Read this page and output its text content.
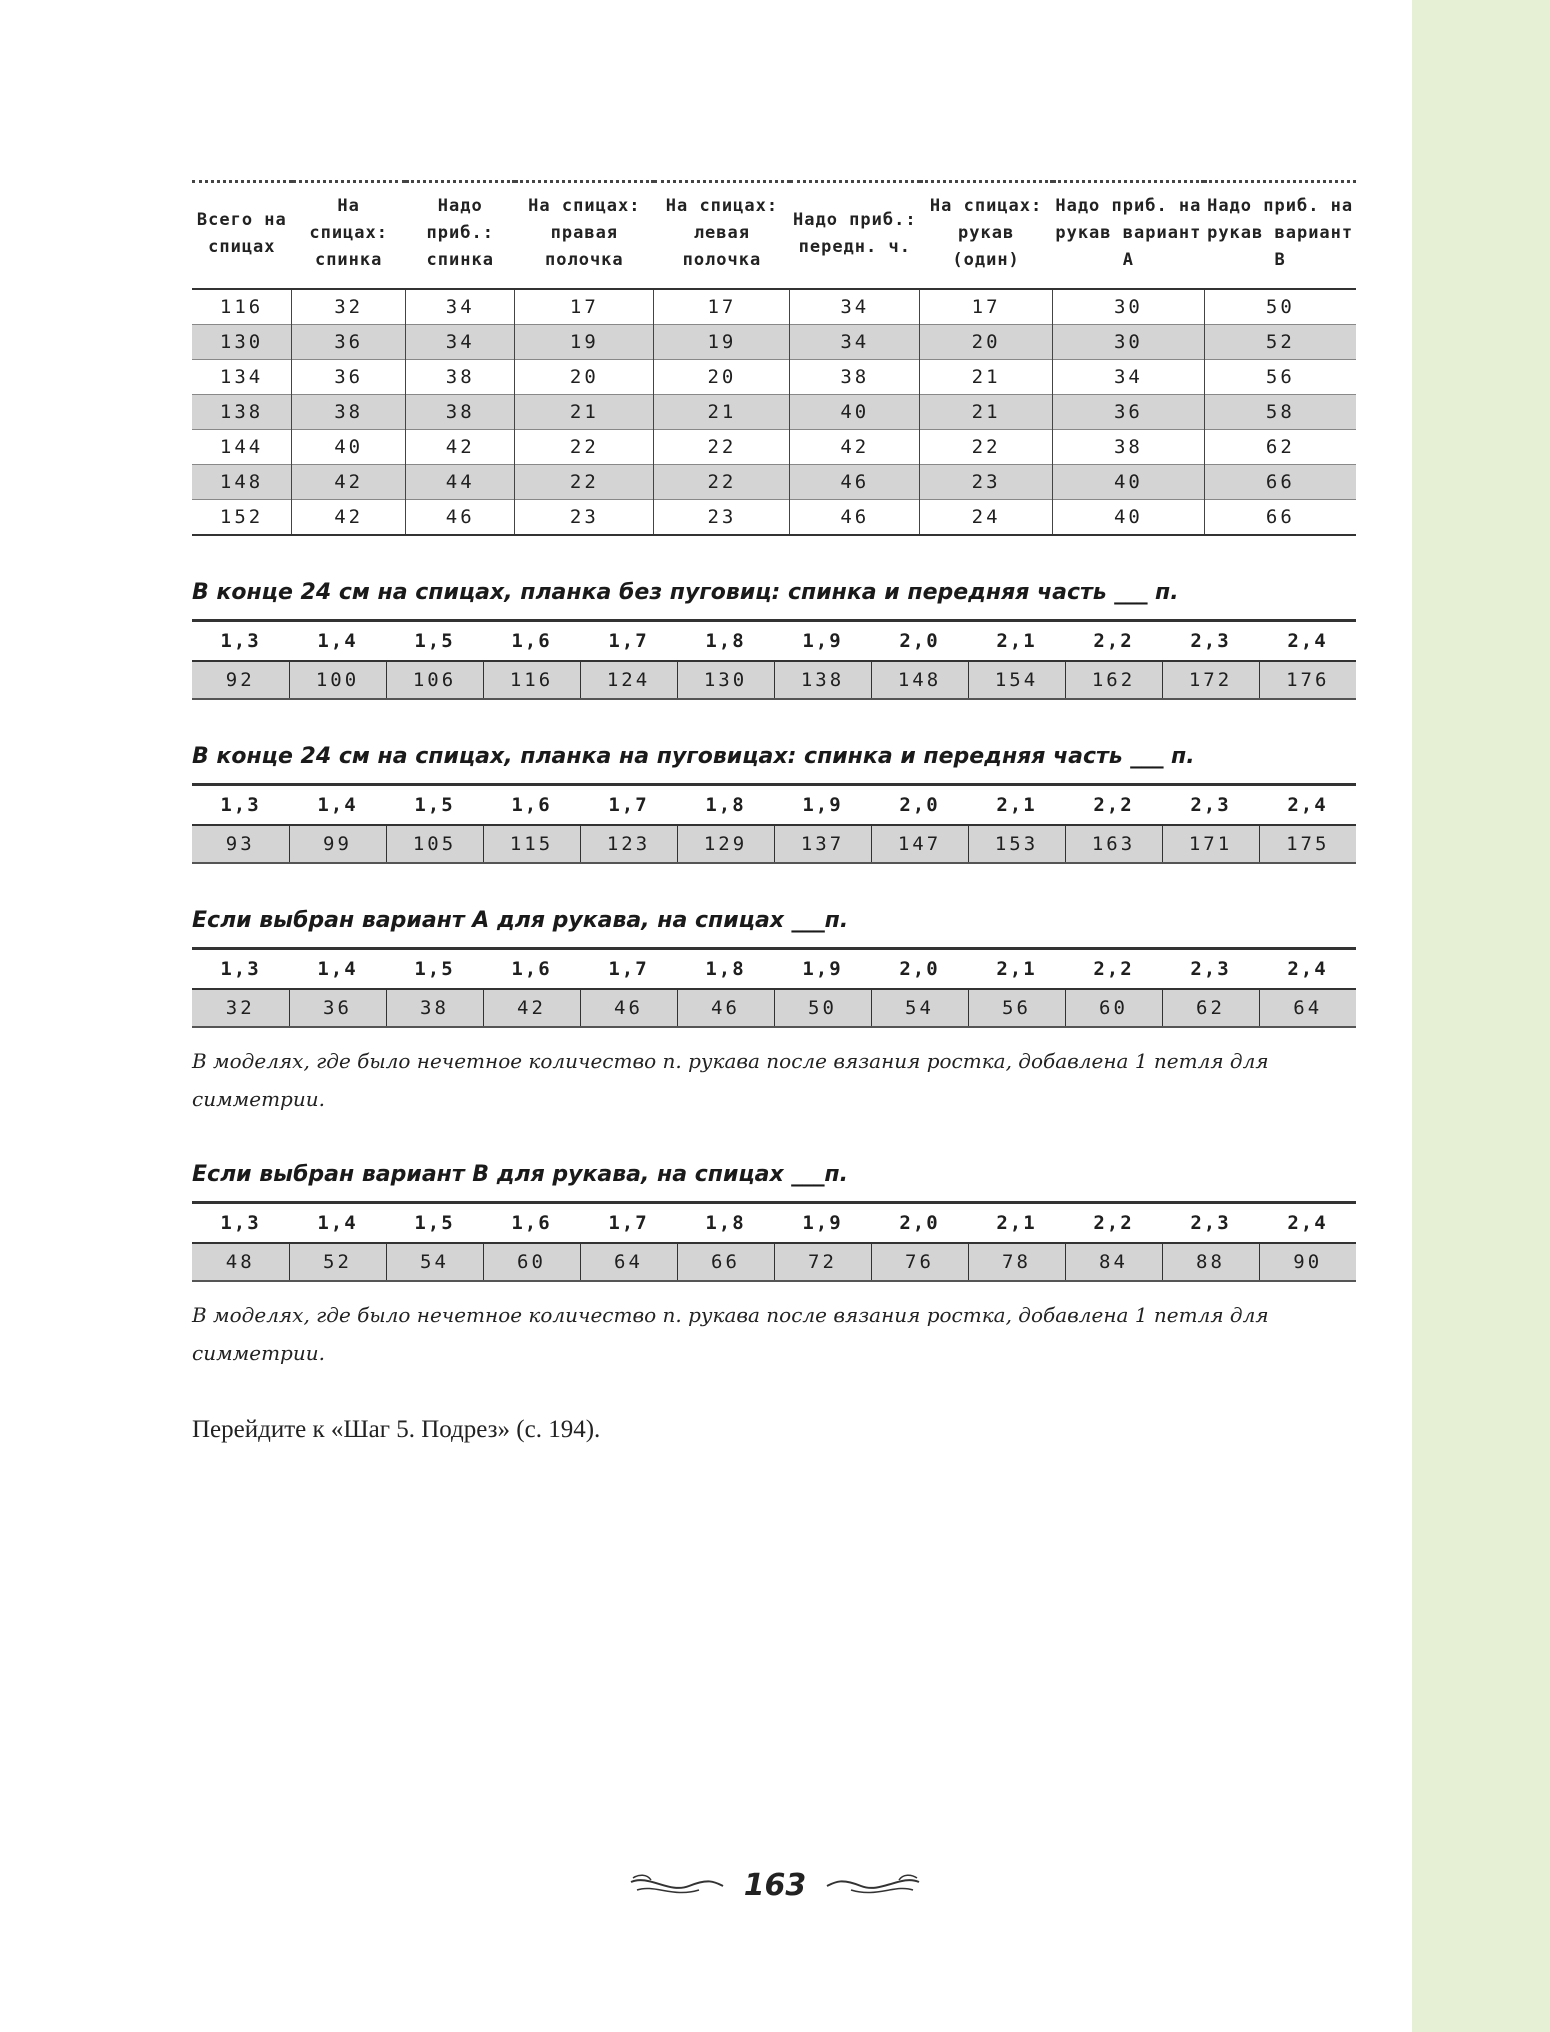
Всего на спицах	На спицах: спинка	Надо приб.: спинка	На спицах: правая полочка	На спицах: левая полочка	Надо приб.: передн. ч.	На спицах: рукав (один)	Надо приб. на рукав вариант А	Надо приб. на рукав вариант В
116	32	34	17	17	34	17	30	50
130	36	34	19	19	34	20	30	52
134	36	38	20	20	38	21	34	56
138	38	38	21	21	40	21	36	58
144	40	42	22	22	42	22	38	62
148	42	44	22	22	46	23	40	66
152	42	46	23	23	46	24	40	66
В конце 24 см на спицах, планка без пуговиц: спинка и передняя часть ___ п.
1,3	1,4	1,5	1,6	1,7	1,8	1,9	2,0	2,1	2,2	2,3	2,4
92	100	106	116	124	130	138	148	154	162	172	176
В конце 24 см на спицах, планка на пуговицах: спинка и передняя часть ___ п.
1,3	1,4	1,5	1,6	1,7	1,8	1,9	2,0	2,1	2,2	2,3	2,4
93	99	105	115	123	129	137	147	153	163	171	175
Если выбран вариант А для рукава, на спицах ___п.
1,3	1,4	1,5	1,6	1,7	1,8	1,9	2,0	2,1	2,2	2,3	2,4
32	36	38	42	46	46	50	54	56	60	62	64
В моделях, где было нечетное количество п. рукава после вязания ростка, добавлена 1 петля для симметрии.
Если выбран вариант В для рукава, на спицах ___п.
1,3	1,4	1,5	1,6	1,7	1,8	1,9	2,0	2,1	2,2	2,3	2,4
48	52	54	60	64	66	72	76	78	84	88	90
В моделях, где было нечетное количество п. рукава после вязания ростка, добавлена 1 петля для симметрии.
Перейдите к «Шаг 5. Подрез» (с. 194).
163
